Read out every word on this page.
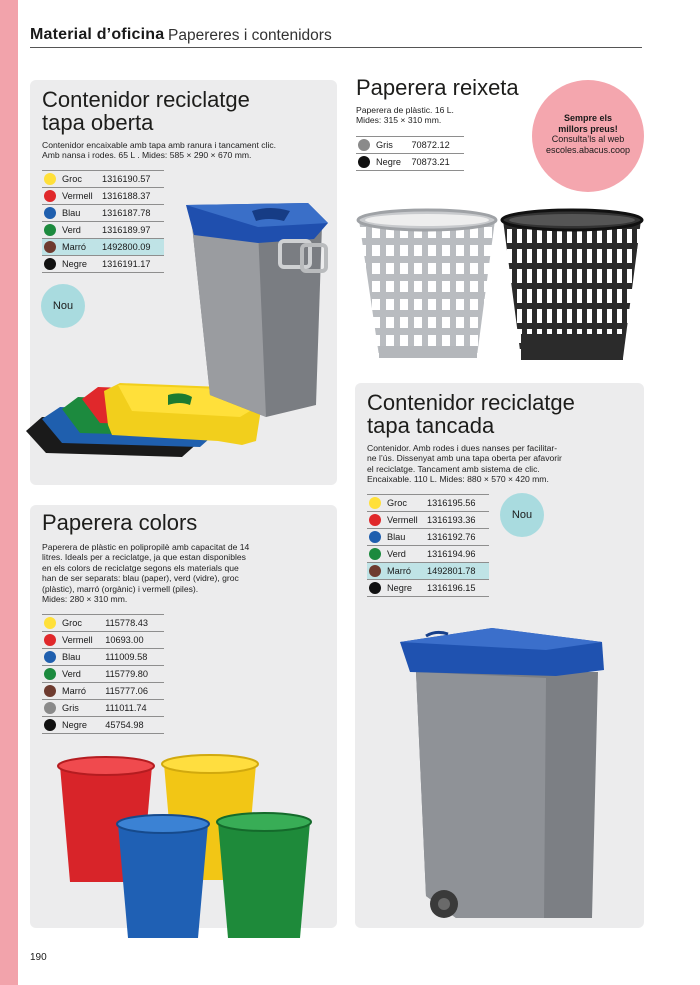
Material d’oficina Papereres i contenidors
Contenidor reciclatge
tapa oberta
Contenidor encaixable amb tapa amb ranura i tancament clic.
Amb nansa i rodes. 65 L . Mides: 585 × 290 × 670 mm.
	Groc	1316190.57
	Vermell	1316188.37
	Blau	1316187.78
	Verd	1316189.97
	Marró	1492800.09
	Negre	1316191.17
Nou
Paperera reixeta
Paperera de plàstic. 16 L.
Mides: 315 × 310 mm.
	Gris	70872.12
	Negre	70873.21
Sempre els
millors preus!
Consulta’ls al web
escoles.abacus.coop
Contenidor reciclatge
tapa tancada
Contenidor. Amb rodes i dues nanses per facilitar-
ne l’ús. Dissenyat amb una tapa oberta per afavorir
el reciclatge. Tancament amb sistema de clic.
Encaixable. 110 L. Mides: 880 × 570 × 420 mm.
	Groc	1316195.56
	Vermell	1316193.36
	Blau	1316192.76
	Verd	1316194.96
	Marró	1492801.78
	Negre	1316196.15
Nou
Paperera colors
Paperera de plàstic en polipropilè amb capacitat de 14
litres. Ideals per a reciclatge, ja que estan disponibles
en els colors de reciclatge segons els materials que
han de ser separats: blau (paper), verd (vidre), groc
(plàstic), marró (orgànic) i vermell (piles).
Mides: 280 × 310 mm.
	Groc	115778.43
	Vermell	10693.00
	Blau	111009.58
	Verd	115779.80
	Marró	115777.06
	Gris	111011.74
	Negre	45754.98
190
